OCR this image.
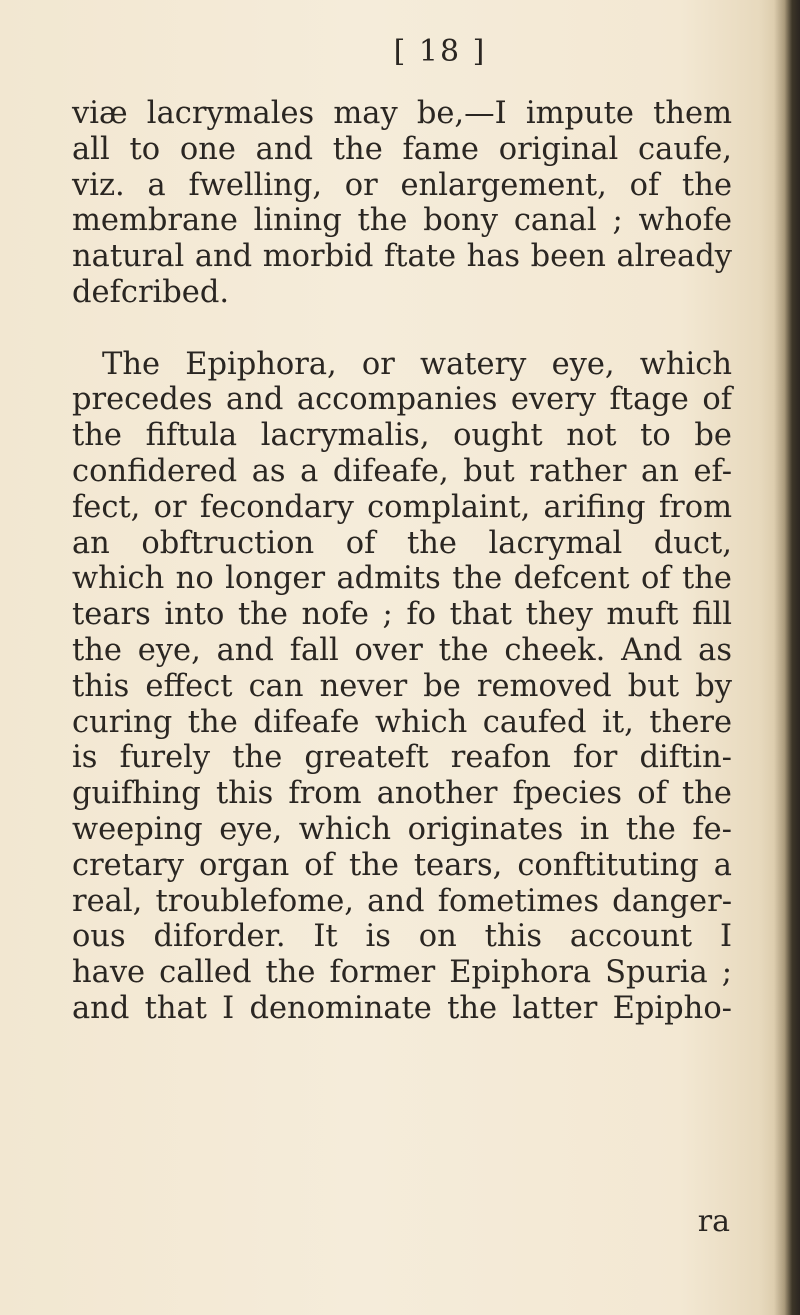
[ 18 ]
viæ lacrymales may be,—I impute them
all to one and the fame original caufe,
viz. a fwelling, or enlargement, of the
membrane lining the bony canal ; whofe
natural and morbid ftate has been already
defcribed.
The Epiphora, or watery eye, which
precedes and accompanies every ftage of
the fiftula lacrymalis, ought not to be
confidered as a difeafe, but rather an ef-
fect, or fecondary complaint, arifing from
an obftruction of the lacrymal duct,
which no longer admits the defcent of the
tears into the nofe ; fo that they muft fill
the eye, and fall over the cheek. And as
this effect can never be removed but by
curing the difeafe which caufed it, there
is furely the greateft reafon for diftin-
guifhing this from another fpecies of the
weeping eye, which originates in the fe-
cretary organ of the tears, conftituting a
real, troublefome, and fometimes danger-
ous diforder. It is on this account I
have called the former Epiphora Spuria ;
and that I denominate the latter Epipho-
ra
